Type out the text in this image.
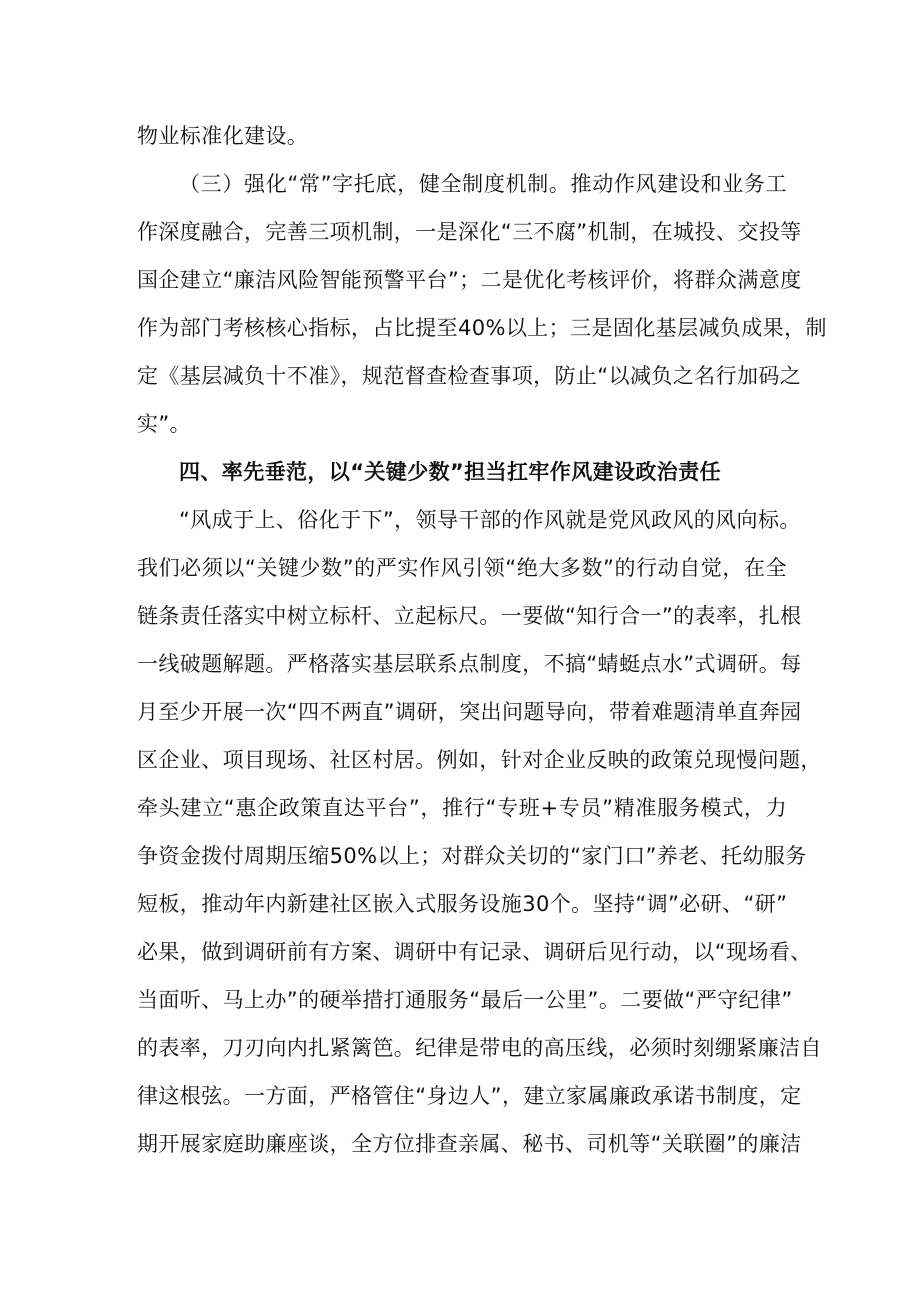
物业标准化建设。
（三）强化“常”字托底，健全制度机制。推动作风建设和业务工
作深度融合，完善三项机制，一是深化“三不腐”机制，在城投、交投等
国企建立“廉洁风险智能预警平台”；二是优化考核评价，将群众满意度
作为部门考核核心指标，占比提至40%以上；三是固化基层减负成果，制
定《基层减负十不准》，规范督查检查事项，防止“以减负之名行加码之
实”。
四、率先垂范，以“关键少数”担当扛牢作风建设政治责任
“风成于上、俗化于下”，领导干部的作风就是党风政风的风向标。
我们必须以“关键少数”的严实作风引领“绝大多数”的行动自觉，在全
链条责任落实中树立标杆、立起标尺。一要做“知行合一”的表率，扎根
一线破题解题。严格落实基层联系点制度，不搞“蜻蜓点水”式调研。每
月至少开展一次“四不两直”调研，突出问题导向，带着难题清单直奔园
区企业、项目现场、社区村居。例如，针对企业反映的政策兑现慢问题，
牵头建立“惠企政策直达平台”，推行“专班+专员”精准服务模式，力
争资金拨付周期压缩50%以上；对群众关切的“家门口”养老、托幼服务
短板，推动年内新建社区嵌入式服务设施30个。坚持“调”必研、“研”
必果，做到调研前有方案、调研中有记录、调研后见行动，以“现场看、
当面听、马上办”的硬举措打通服务“最后一公里”。二要做“严守纪律”
的表率，刀刃向内扎紧篱笆。纪律是带电的高压线，必须时刻绷紧廉洁自
律这根弦。一方面，严格管住“身边人”，建立家属廉政承诺书制度，定
期开展家庭助廉座谈，全方位排查亲属、秘书、司机等“关联圈”的廉洁
